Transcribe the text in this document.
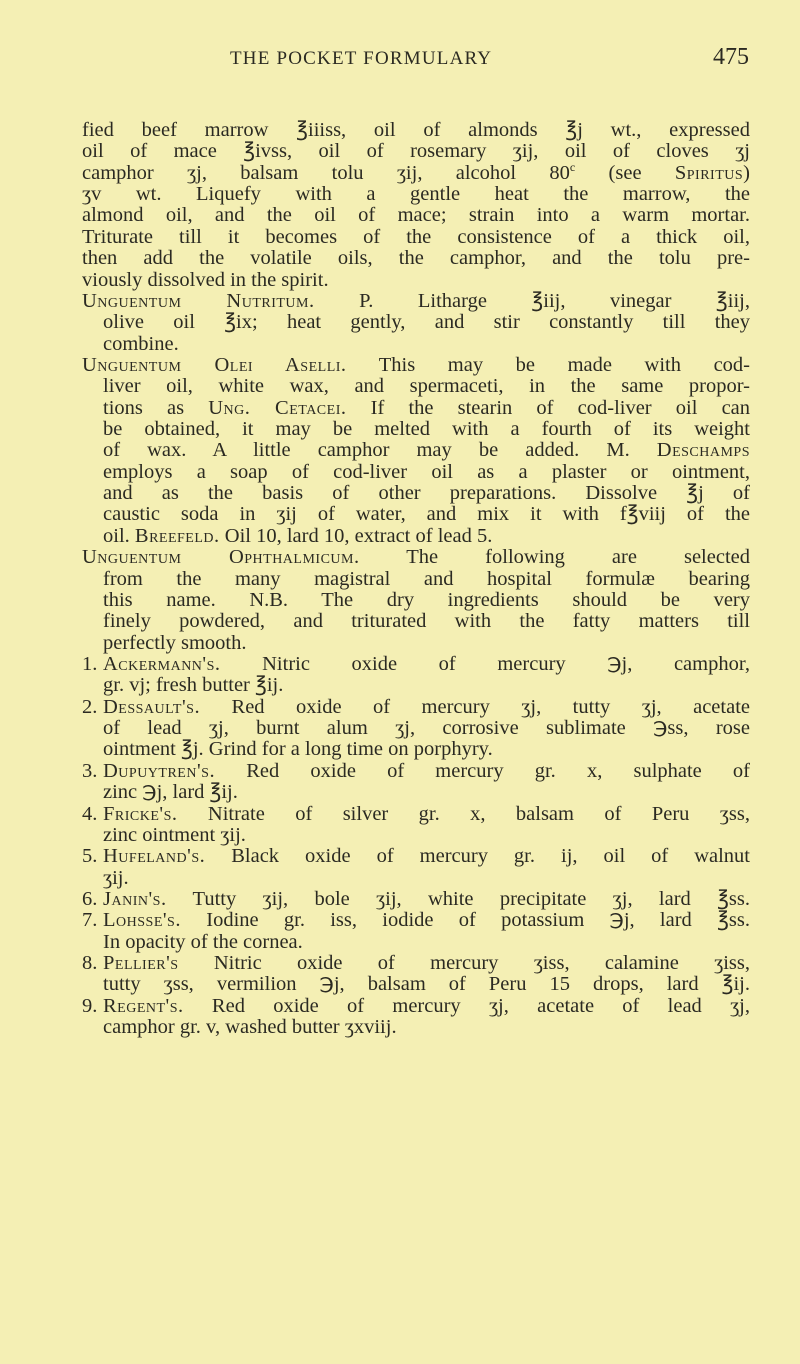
THE POCKET FORMULARY	475
fied beef marrow ℥iiiss, oil of almonds ℥j wt., expressed
oil of mace ℥ivss, oil of rosemary ʒij, oil of cloves ʒj
camphor ʒj, balsam tolu ʒij, alcohol 80$^c$ (see Spiritus)
ʒv wt. Liquefy with a gentle heat the marrow, the
almond oil, and the oil of mace; strain into a warm mortar.
Triturate till it becomes of the consistence of a thick oil,
then add the volatile oils, the camphor, and the tolu pre-
viously dissolved in the spirit.
Unguentum Nutritum. P. Litharge ℥iij, vinegar ℥iij,
olive oil ℥ix; heat gently, and stir constantly till they
combine.
Unguentum Olei Aselli. This may be made with cod-
liver oil, white wax, and spermaceti, in the same propor-
tions as Ung. Cetacei. If the stearin of cod-liver oil can
be obtained, it may be melted with a fourth of its weight
of wax. A little camphor may be added. M. Deschamps
employs a soap of cod-liver oil as a plaster or ointment,
and as the basis of other preparations. Dissolve ℥j of
caustic soda in ʒij of water, and mix it with f℥viij of the
oil. Breefeld. Oil 10, lard 10, extract of lead 5.
Unguentum Ophthalmicum. The following are selected
from the many magistral and hospital formulæ bearing
this name. N.B. The dry ingredients should be very
finely powdered, and triturated with the fatty matters till
perfectly smooth.
1. Ackermann's. Nitric oxide of mercury ℈j, camphor,
gr. vj; fresh butter ℥ij.
2. Dessault's. Red oxide of mercury ʒj, tutty ʒj, acetate
of lead ʒj, burnt alum ʒj, corrosive sublimate ℈ss, rose
ointment ℥j. Grind for a long time on porphyry.
3. Dupuytren's. Red oxide of mercury gr. x, sulphate of
zinc ℈j, lard ℥ij.
4. Fricke's. Nitrate of silver gr. x, balsam of Peru ʒss,
zinc ointment ʒij.
5. Hufeland's. Black oxide of mercury gr. ij, oil of walnut
ʒij.
6. Janin's. Tutty ʒij, bole ʒij, white precipitate ʒj, lard ℥ss.
7. Lohsse's. Iodine gr. iss, iodide of potassium ℈j, lard ℥ss.
In opacity of the cornea.
8. Pellier's Nitric oxide of mercury ʒiss, calamine ʒiss,
tutty ʒss, vermilion ℈j, balsam of Peru 15 drops, lard ℥ij.
9. Regent's. Red oxide of mercury ʒj, acetate of lead ʒj,
camphor gr. v, washed butter ʒxviij.
